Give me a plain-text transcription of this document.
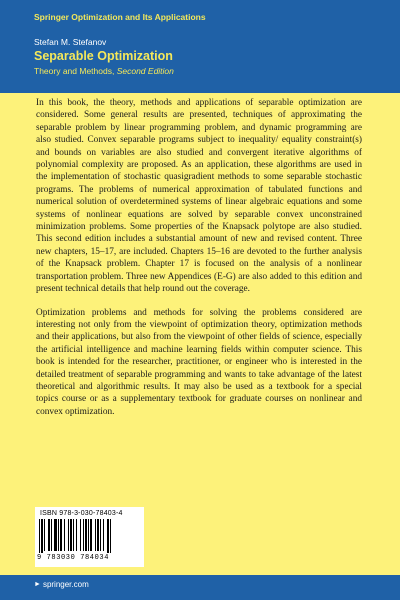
Springer Optimization and Its Applications
Stefan M. Stefanov
Separable Optimization
Theory and Methods, Second Edition

In this book, the theory, methods and applications of separable optimization are considered. Some general results are presented, techniques of approximating the separable problem by linear programming problem, and dynamic programming are also studied. Convex separable programs subject to inequality/ equality constraint(s) and bounds on variables are also studied and convergent iterative algorithms of polynomial complexity are proposed. As an application, these algorithms are used in the implementation of stochastic quasigradient methods to some separable stochastic programs. The problems of numerical approximation of tabulated functions and numerical solution of overdetermined systems of linear algebraic equations and some systems of nonlinear equations are solved by separable convex unconstrained minimization problems. Some properties of the Knapsack polytope are also studied. This second edition includes a substantial amount of new and revised content. Three new chapters, 15–17, are included. Chapters 15–16 are devoted to the further analysis of the Knapsack problem. Chapter 17 is focused on the analysis of a nonlinear transportation problem. Three new Appendices (E-G) are also added to this edition and present technical details that help round out the coverage.

Optimization problems and methods for solving the problems considered are interesting not only from the viewpoint of optimization theory, optimization methods and their applications, but also from the viewpoint of other fields of science, especially the artificial intelligence and machine learning fields within computer science. This book is intended for the researcher, practitioner, or engineer who is interested in the detailed treatment of separable programming and wants to take advantage of the latest theoretical and algorithmic results. It may also be used as a textbook for a special topics course or as a supplementary textbook for graduate courses on nonlinear and convex optimization.

ISBN 978-3-030-78403-4
9 783030 784034
► springer.com
